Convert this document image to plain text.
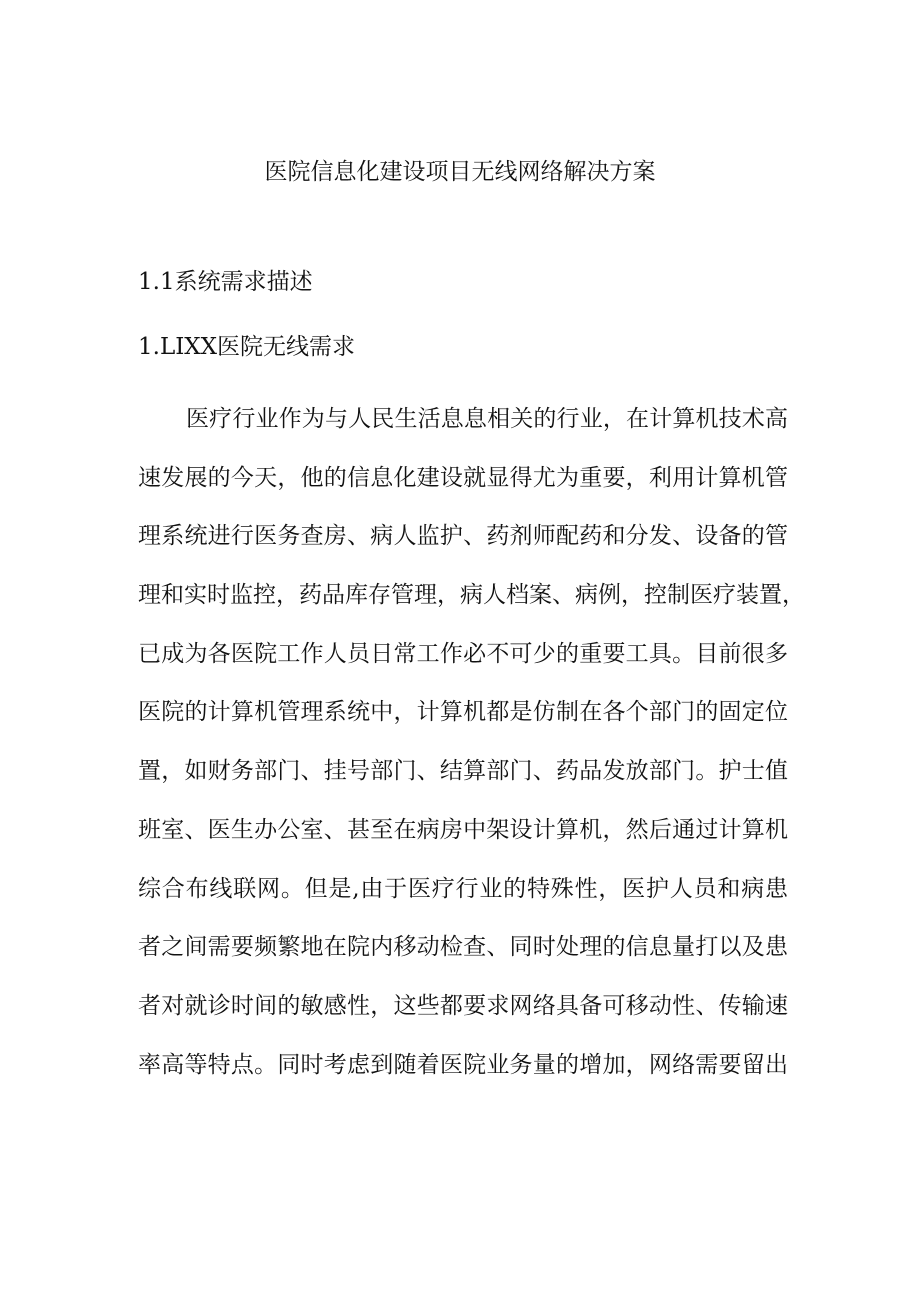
医院信息化建设项目无线网络解决方案
1.1系统需求描述
1.LIXX医院无线需求
医疗行业作为与人民生活息息相关的行业，在计算机技术高
速发展的今天，他的信息化建设就显得尤为重要，利用计算机管
理系统进行医务查房、病人监护、药剂师配药和分发、设备的管
理和实时监控，药品库存管理，病人档案、病例，控制医疗装置，
已成为各医院工作人员日常工作必不可少的重要工具。目前很多
医院的计算机管理系统中，计算机都是仿制在各个部门的固定位
置，如财务部门、挂号部门、结算部门、药品发放部门。护士值
班室、医生办公室、甚至在病房中架设计算机，然后通过计算机
综合布线联网。但是,由于医疗行业的特殊性，医护人员和病患
者之间需要频繁地在院内移动检查、同时处理的信息量打以及患
者对就诊时间的敏感性，这些都要求网络具备可移动性、传输速
率高等特点。同时考虑到随着医院业务量的增加，网络需要留出
